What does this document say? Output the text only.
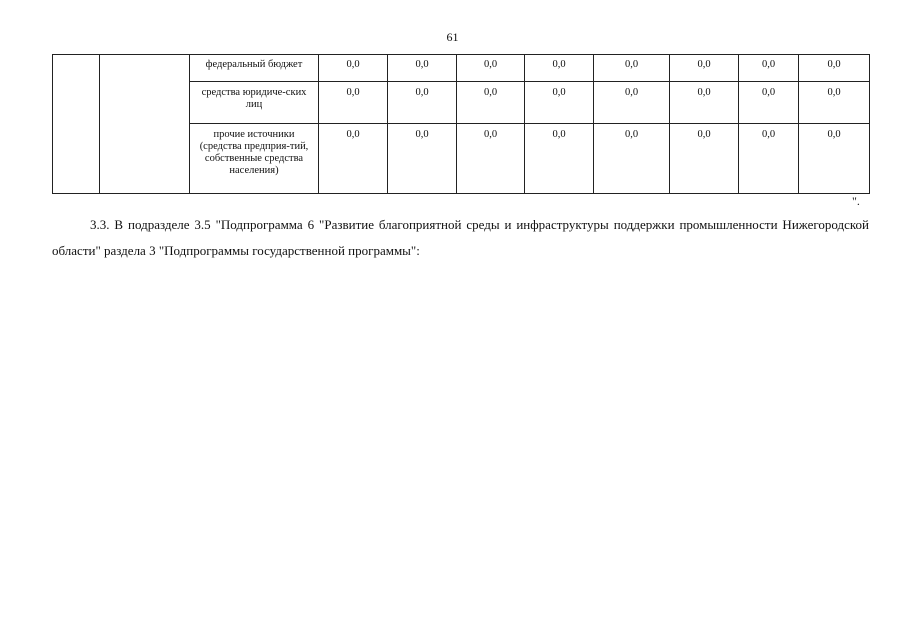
61
		федеральный бюджет	0,0	0,0	0,0	0,0	0,0	0,0	0,0	0,0
		средства юридиче-ских лиц	0,0	0,0	0,0	0,0	0,0	0,0	0,0	0,0
		прочие источники (средства предприя-тий, собственные средства населения)	0,0	0,0	0,0	0,0	0,0	0,0	0,0	0,0
".

3.3. В подразделе 3.5 "Подпрограмма 6 "Развитие благоприятной среды и инфраструктуры поддержки промышленности Нижегородской области" раздела 3 "Подпрограммы государственной программы":
